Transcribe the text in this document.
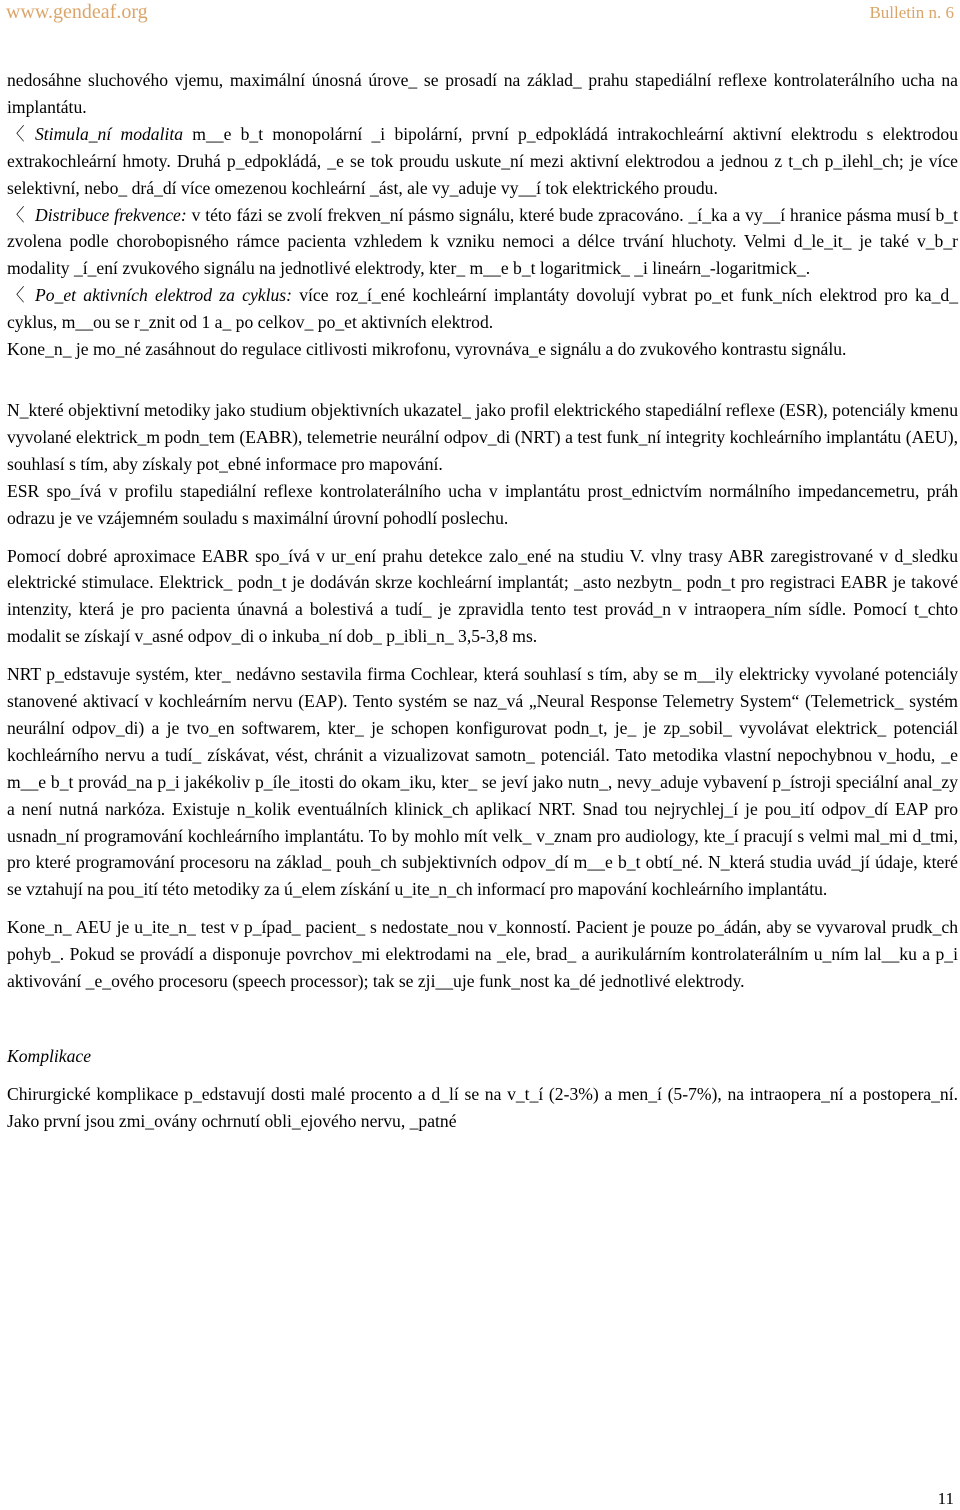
www.gendeaf.org	Bulletin n. 6

nedosáhne sluchového vjemu, maximální únosná úrove_ se prosadí na základ_ prahu stapediální reflexe kontrolaterálního ucha na implantátu.

〈 Stimula_ní modalita m__e b_t monopolární _i bipolární, první p_edpokládá intrakochleární aktivní elektrodu s elektrodou extrakochleární hmoty. Druhá p_edpokládá, _e se tok proudu uskute_ní mezi aktivní elektrodou a jednou z t_ch p_ilehl_ch; je více selektivní, nebo_ drá_dí více omezenou kochleární _ást, ale vy_aduje vy__í tok elektrického proudu.

〈 Distribuce frekvence: v této fázi se zvolí frekven_ní pásmo signálu, které bude zpracováno. _í_ka a vy__í hranice pásma musí b_t zvolena podle chorobopisného rámce pacienta vzhledem k vzniku nemoci a délce trvání hluchoty. Velmi d_le_it_ je také v_b_r modality _í_ení zvukového signálu na jednotlivé elektrody, kter_ m__e b_t logaritmick_ _i lineárn_-logaritmick_.

〈 Po_et aktivních elektrod za cyklus: více roz_í_ené kochleární implantáty dovolují vybrat po_et funk_ních elektrod pro ka_d_ cyklus, m__ou se r_znit od 1 a_ po celkov_ po_et aktivních elektrod.

Kone_n_ je mo_né zasáhnout do regulace citlivosti mikrofonu, vyrovnáva_e signálu a do zvukového kontrastu signálu.

N_které objektivní metodiky jako studium objektivních ukazatel_ jako profil elektrického stapediální reflexe (ESR), potenciály kmenu vyvolané elektrick_m podn_tem (EABR), telemetrie neurální odpov_di (NRT) a test funk_ní integrity kochleárního implantátu (AEU), souhlasí s tím, aby získaly pot_ebné informace pro mapování.

ESR spo_ívá v profilu stapediální reflexe kontrolaterálního ucha v implantátu prost_ednictvím normálního impedancemetru, práh odrazu je ve vzájemném souladu s maximální úrovní pohodlí poslechu.

Pomocí dobré aproximace EABR spo_ívá v ur_ení prahu detekce zalo_ené na studiu V. vlny trasy ABR zaregistrované v d_sledku elektrické stimulace. Elektrick_ podn_t je dodáván skrze kochleární implantát; _asto nezbytn_ podn_t pro registraci EABR je takové intenzity, která je pro pacienta únavná a bolestivá a tudí_ je zpravidla tento test provád_n v intraopera_ním sídle. Pomocí t_chto modalit se získají v_asné odpov_di o inkuba_ní dob_ p_ibli_n_ 3,5-3,8 ms.

NRT p_edstavuje systém, kter_ nedávno sestavila firma Cochlear, která souhlasí s tím, aby se m__ily elektricky vyvolané potenciály stanovené aktivací v kochleárním nervu (EAP). Tento systém se naz_vá „Neural Response Telemetry System“ (Telemetrick_ systém neurální odpov_di) a je tvo_en softwarem, kter_ je schopen konfigurovat podn_t, je_ je zp_sobil_ vyvolávat elektrick_ potenciál kochleárního nervu a tudí_ získávat, vést, chránit a vizualizovat samotn_ potenciál. Tato metodika vlastní nepochybnou v_hodu, _e m__e b_t provád_na p_i jakékoliv p_íle_itosti do okam_iku, kter_ se jeví jako nutn_, nevy_aduje vybavení p_ístroji speciální anal_zy a není nutná narkóza. Existuje n_kolik eventuálních klinick_ch aplikací NRT. Snad tou nejrychlej_í je pou_ití odpov_dí EAP pro usnadn_ní programování kochleárního implantátu. To by mohlo mít velk_ v_znam pro audiology, kte_í pracují s velmi mal_mi d_tmi, pro které programování procesoru na základ_ pouh_ch subjektivních odpov_dí m__e b_t obtí_né. N_která studia uvád_jí údaje, které se vztahují na pou_ití této metodiky za ú_elem získání u_ite_n_ch informací pro mapování kochleárního implantátu.

Kone_n_ AEU je u_ite_n_ test v p_ípad_ pacient_ s nedostate_nou v_konností. Pacient je pouze po_ádán, aby se vyvaroval prudk_ch pohyb_. Pokud se provádí a disponuje povrchov_mi elektrodami na _ele, brad_ a aurikulárním kontrolaterálním u_ním lal__ku a p_i aktivování _e_ového procesoru (speech processor); tak se zji__uje funk_nost ka_dé jednotlivé elektrody.

Komplikace

Chirurgické komplikace p_edstavují dosti malé procento a d_lí se na v_t_í (2-3%) a men_í (5-7%), na intraopera_ní a postopera_ní. Jako první jsou zmi_ovány ochrnutí obli_ejového nervu, _patné

11
